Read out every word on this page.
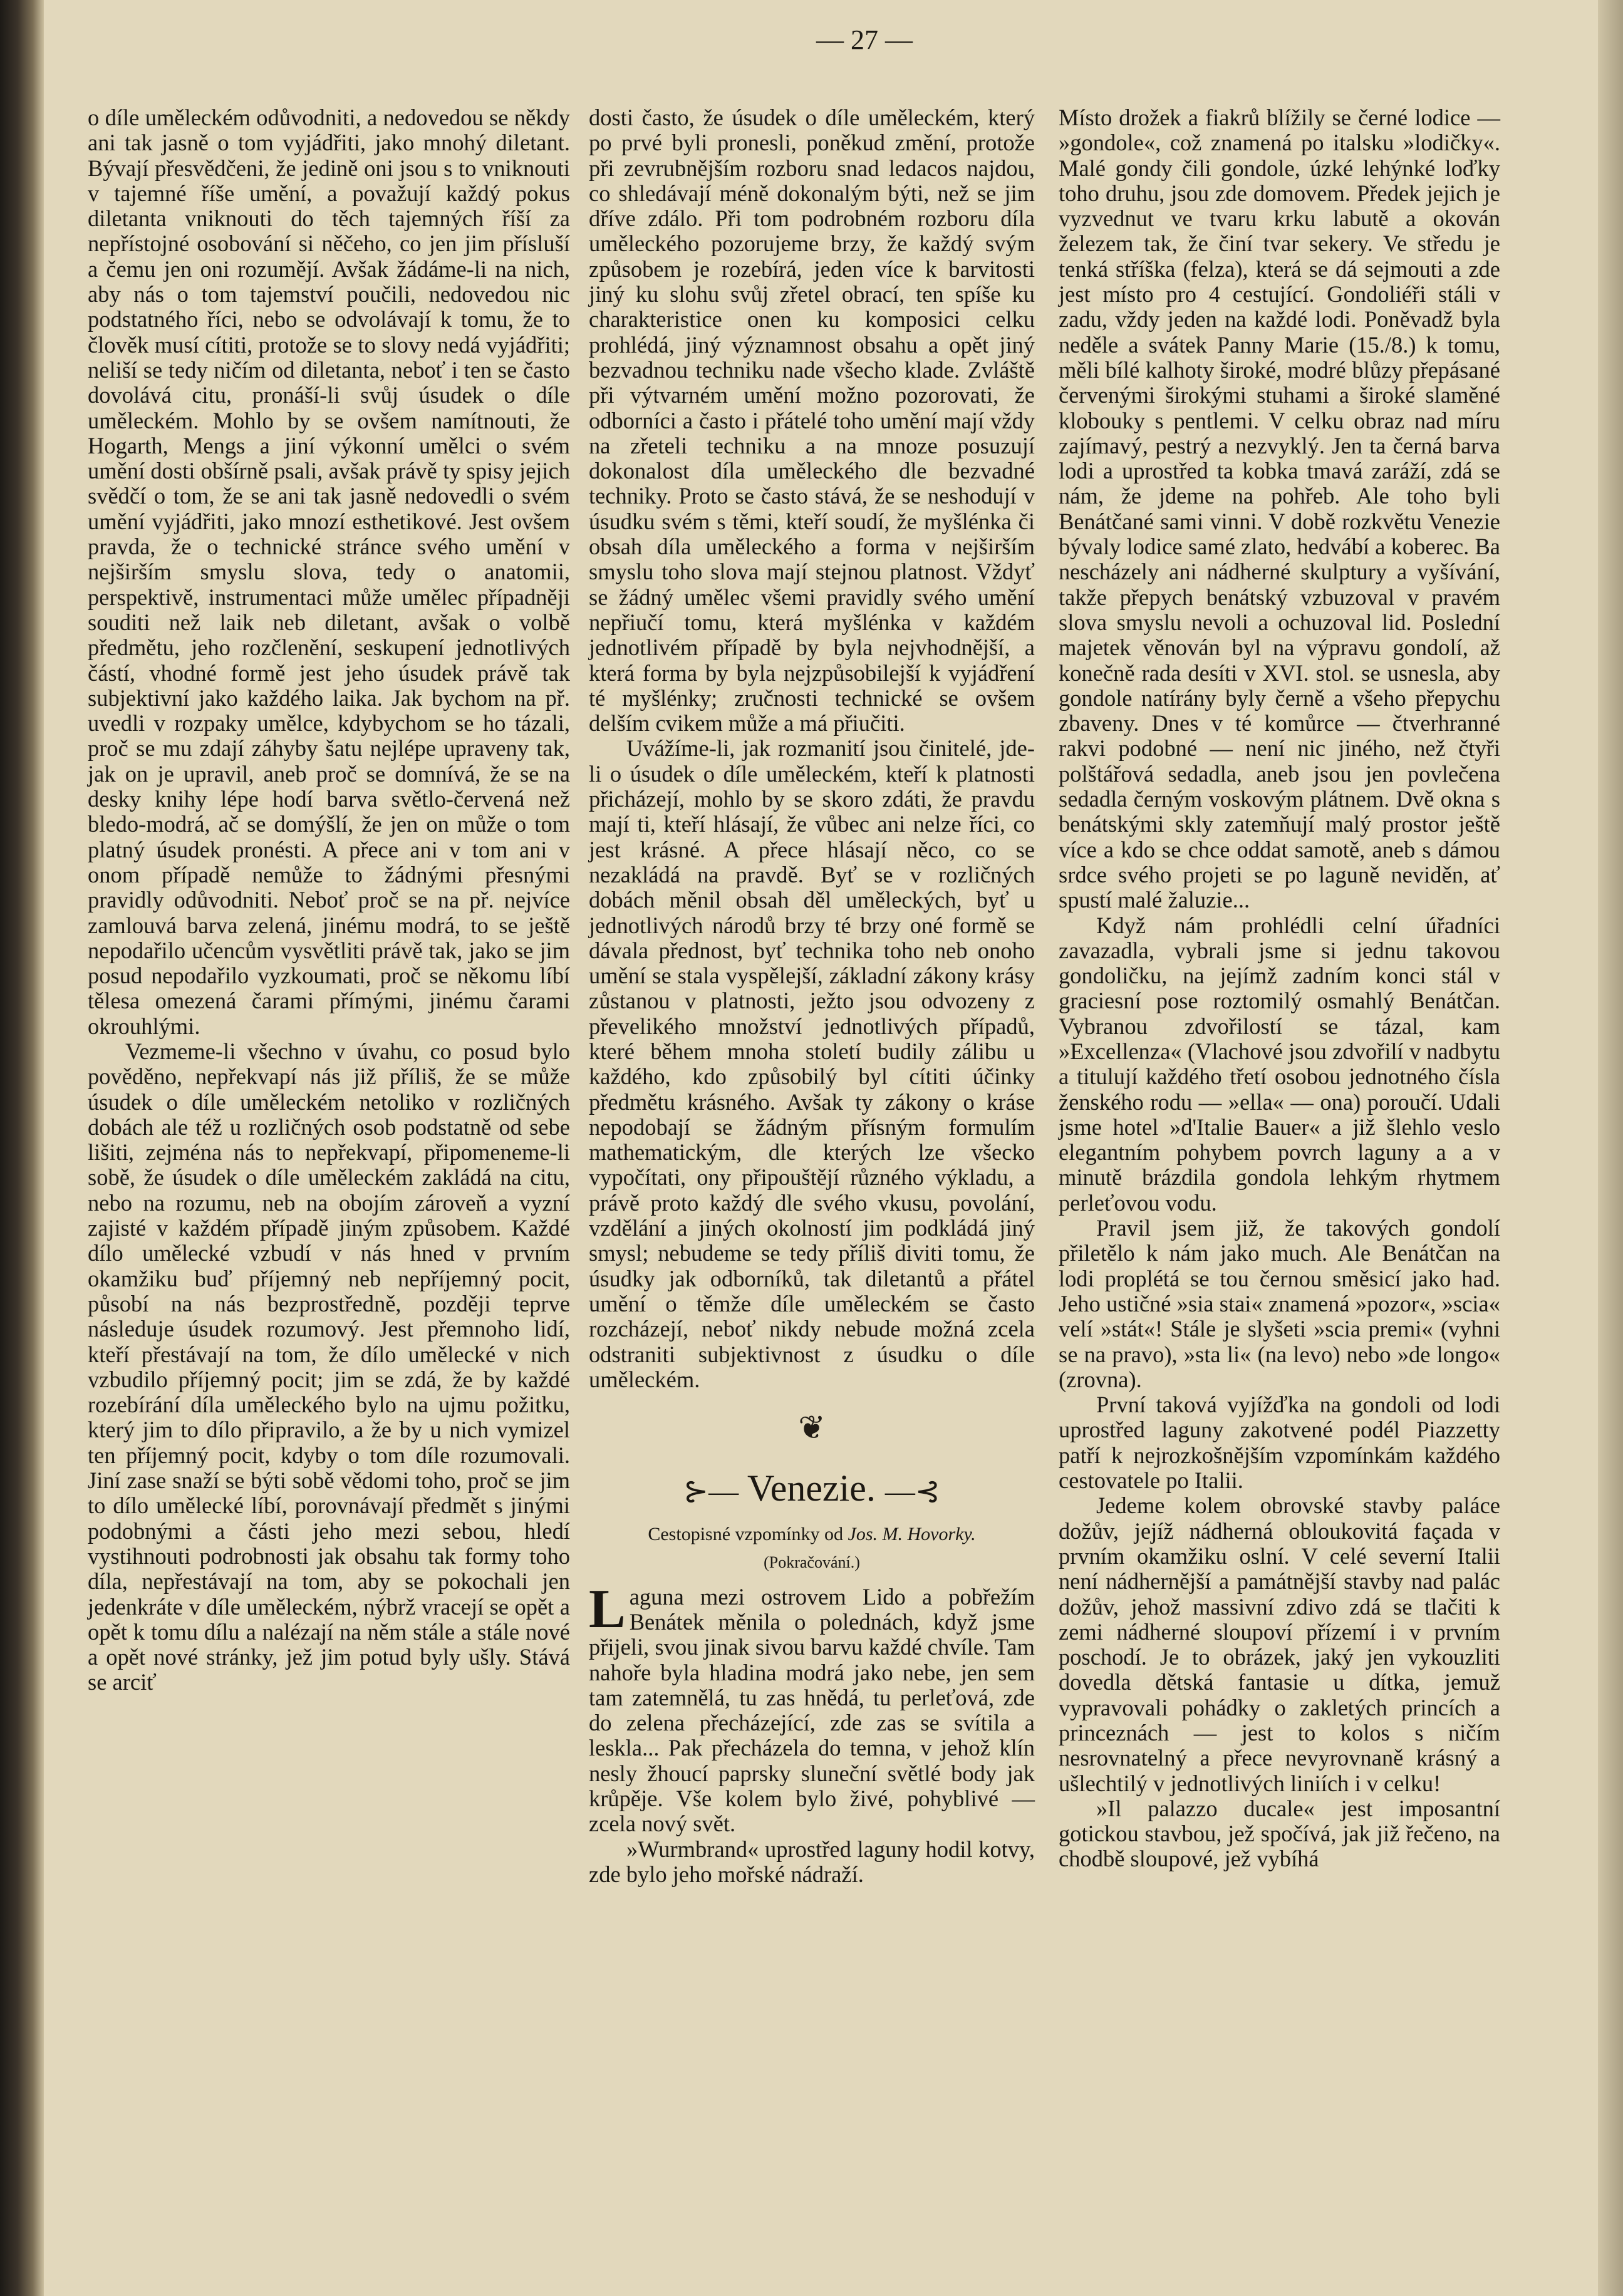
— 27 —

o díle uměleckém odůvodniti, a nedovedou se někdy ani tak jasně o tom vyjádřiti, jako mnohý diletant. Bývají přesvědčeni, že jedině oni jsou s to vniknouti v tajemné říše umění, a považují každý pokus diletanta vniknouti do těch tajemných říší za nepřístojné osobování si něčeho, co jen jim přísluší a čemu jen oni rozumějí. Avšak žádáme-li na nich, aby nás o tom tajemství poučili, nedovedou nic podstatného říci, nebo se odvolávají k tomu, že to člověk musí cítiti, protože se to slovy nedá vyjádřiti; neliší se tedy ničím od diletanta, neboť i ten se často dovolává citu, pronáší-li svůj úsudek o díle uměleckém. Mohlo by se ovšem namítnouti, že Hogarth, Mengs a jiní výkonní umělci o svém umění dosti obšírně psali, avšak právě ty spisy jejich svědčí o tom, že se ani tak jasně nedovedli o svém umění vyjádřiti, jako mnozí esthetikové. Jest ovšem pravda, že o technické stránce svého umění v nejširším smyslu slova, tedy o anatomii, perspektivě, instrumentaci může umělec případněji souditi než laik neb diletant, avšak o volbě předmětu, jeho rozčlenění, seskupení jednotlivých částí, vhodné formě jest jeho úsudek právě tak subjektivní jako každého laika. Jak bychom na př. uvedli v rozpaky umělce, kdybychom se ho tázali, proč se mu zdají záhyby šatu nejlépe upraveny tak, jak on je upravil, aneb proč se domnívá, že se na desky knihy lépe hodí barva světlo-červená než bledo-modrá, ač se domýšlí, že jen on může o tom platný úsudek pronésti. A přece ani v tom ani v onom případě nemůže to žádnými přesnými pravidly odůvodniti. Neboť proč se na př. nejvíce zamlouvá barva zelená, jinému modrá, to se ještě nepodařilo učencům vysvětliti právě tak, jako se jim posud nepodařilo vyzkoumati, proč se někomu líbí tělesa omezená čarami přímými, jinému čarami okrouhlými.

Vezmeme-li všechno v úvahu, co posud bylo pověděno, nepřekvapí nás již příliš, že se může úsudek o díle uměleckém netoliko v rozličných dobách ale též u rozličných osob podstatně od sebe lišiti, zejména nás to nepřekvapí, připomeneme-li sobě, že úsudek o díle uměleckém zakládá na citu, nebo na rozumu, neb na obojím zároveň a vyzní zajisté v každém případě jiným způsobem. Každé dílo umělecké vzbudí v nás hned v prvním okamžiku buď příjemný neb nepříjemný pocit, působí na nás bezprostředně, později teprve následuje úsudek rozumový. Jest přemnoho lidí, kteří přestávají na tom, že dílo umělecké v nich vzbudilo příjemný pocit; jim se zdá, že by každé rozebírání díla uměleckého bylo na ujmu požitku, který jim to dílo připravilo, a že by u nich vymizel ten příjemný pocit, kdyby o tom díle rozumovali. Jiní zase snaží se býti sobě vědomi toho, proč se jim to dílo umělecké líbí, porovnávají předmět s jinými podobnými a části jeho mezi sebou, hledí vystihnouti podrobnosti jak obsahu tak formy toho díla, nepřestávají na tom, aby se pokochali jen jedenkráte v díle uměleckém, nýbrž vracejí se opět a opět k tomu dílu a nalézají na něm stále a stále nové a opět nové stránky, jež jim potud byly ušly. Stává se arciť

dosti často, že úsudek o díle uměleckém, který po prvé byli pronesli, poněkud změní, protože při zevrubnějším rozboru snad ledacos najdou, co shledávají méně dokonalým býti, než se jim dříve zdálo. Při tom podrobném rozboru díla uměleckého pozorujeme brzy, že každý svým způsobem je rozebírá, jeden více k barvitosti jiný ku slohu svůj zřetel obrací, ten spíše ku charakteristice onen ku komposici celku prohlédá, jiný významnost obsahu a opět jiný bezvadnou techniku nade všecho klade. Zvláště při výtvarném umění možno pozorovati, že odborníci a často i přátelé toho umění mají vždy na zřeteli techniku a na mnoze posuzují dokonalost díla uměleckého dle bezvadné techniky. Proto se často stává, že se neshodují v úsudku svém s těmi, kteří soudí, že myšlénka či obsah díla uměleckého a forma v nejširším smyslu toho slova mají stejnou platnost. Vždyť se žádný umělec všemi pravidly svého umění nepřiučí tomu, která myšlénka v každém jednotlivém případě by byla nejvhodnější, a která forma by byla nejzpůsobilejší k vyjádření té myšlénky; zručnosti technické se ovšem delším cvikem může a má přiučiti.

Uvážíme-li, jak rozmanití jsou činitelé, jde-li o úsudek o díle uměleckém, kteří k platnosti přicházejí, mohlo by se skoro zdáti, že pravdu mají ti, kteří hlásají, že vůbec ani nelze říci, co jest krásné. A přece hlásají něco, co se nezakládá na pravdě. Byť se v rozličných dobách měnil obsah děl uměleckých, byť u jednotlivých národů brzy té brzy oné formě se dávala přednost, byť technika toho neb onoho umění se stala vyspělejší, základní zákony krásy zůstanou v platnosti, ježto jsou odvozeny z převelikého množství jednotlivých případů, které během mnoha století budily zálibu u každého, kdo způsobilý byl cítiti účinky předmětu krásného. Avšak ty zákony o kráse nepodobají se žádným přísným formulím mathematickým, dle kterých lze všecko vypočítati, ony připouštějí různého výkladu, a právě proto každý dle svého vkusu, povolání, vzdělání a jiných okolností jim podkládá jiný smysl; nebudeme se tedy příliš diviti tomu, že úsudky jak odborníků, tak diletantů a přátel umění o těmže díle uměleckém se často rozcházejí, neboť nikdy nebude možná zcela odstraniti subjektivnost z úsudku o díle uměleckém.

❦
⊱— Venezie. —⊰
Cestopisné vzpomínky od Jos. M. Hovorky.
(Pokračování.)

Laguna mezi ostrovem Lido a pobřežím Benátek měnila o polednách, když jsme přijeli, svou jinak sivou barvu každé chvíle. Tam nahoře byla hladina modrá jako nebe, jen sem tam zatemnělá, tu zas hnědá, tu perleťová, zde do zelena přecházející, zde zas se svítila a leskla... Pak přecházela do temna, v jehož klín nesly žhoucí paprsky sluneční světlé body jak krůpěje. Vše kolem bylo živé, pohyblivé — zcela nový svět.

»Wurmbrand« uprostřed laguny hodil kotvy, zde bylo jeho mořské nádraží.

Místo drožek a fiakrů blížily se černé lodice — »gondole«, což znamená po italsku »lodičky«. Malé gondy čili gondole, úzké lehýnké loďky toho druhu, jsou zde domovem. Předek jejich je vyzvednut ve tvaru krku labutě a okován železem tak, že činí tvar sekery. Ve středu je tenká stříška (felza), která se dá sejmouti a zde jest místo pro 4 cestující. Gondoliéři stáli v zadu, vždy jeden na každé lodi. Poněvadž byla neděle a svátek Panny Marie (15./8.) k tomu, měli bílé kalhoty široké, modré blůzy přepásané červenými širokými stuhami a široké slaměné klobouky s pentlemi. V celku obraz nad míru zajímavý, pestrý a nezvyklý. Jen ta černá barva lodi a uprostřed ta kobka tmavá zaráží, zdá se nám, že jdeme na pohřeb. Ale toho byli Benátčané sami vinni. V době rozkvětu Venezie bývaly lodice samé zlato, hedvábí a koberec. Ba nescházely ani nádherné skulptury a vyšívání, takže přepych benátský vzbuzoval v pravém slova smyslu nevoli a ochuzoval lid. Poslední majetek věnován byl na výpravu gondolí, až konečně rada desíti v XVI. stol. se usnesla, aby gondole natírány byly černě a všeho přepychu zbaveny. Dnes v té komůrce — čtverhranné rakvi podobné — není nic jiného, než čtyři polštářová sedadla, aneb jsou jen povlečena sedadla černým voskovým plátnem. Dvě okna s benátskými skly zatemňují malý prostor ještě více a kdo se chce oddat samotě, aneb s dámou srdce svého projeti se po laguně neviděn, ať spustí malé žaluzie...

Když nám prohlédli celní úřadníci zavazadla, vybrali jsme si jednu takovou gondoličku, na jejímž zadním konci stál v graciesní pose roztomilý osmahlý Benátčan. Vybranou zdvořilostí se tázal, kam »Excellenza« (Vlachové jsou zdvořilí v nadbytu a titulují každého třetí osobou jednotného čísla ženského rodu — »ella« — ona) poroučí. Udali jsme hotel »d'Italie Bauer« a již šlehlo veslo elegantním pohybem povrch laguny a a v minutě brázdila gondola lehkým rhytmem perleťovou vodu.

Pravil jsem již, že takových gondolí přiletělo k nám jako much. Ale Benátčan na lodi proplétá se tou černou směsicí jako had. Jeho ustičné »sia stai« znamená »pozor«, »scia« velí »stát«! Stále je slyšeti »scia premi« (vyhni se na pravo), »sta li« (na levo) nebo »de longo« (zrovna).

První taková vyjížďka na gondoli od lodi uprostřed laguny zakotvené podél Piazzetty patří k nejrozkošnějším vzpomínkám každého cestovatele po Italii.

Jedeme kolem obrovské stavby paláce dožův, jejíž nádherná obloukovitá façada v prvním okamžiku oslní. V celé severní Italii není nádhernější a památnější stavby nad palác dožův, jehož massivní zdivo zdá se tlačiti k zemi nádherné sloupoví přízemí i v prvním poschodí. Je to obrázek, jaký jen vykouzliti dovedla dětská fantasie u dítka, jemuž vypravovali pohádky o zakletých princích a princeznách — jest to kolos s ničím nesrovnatelný a přece nevyrovnaně krásný a ušlechtilý v jednotlivých liniích i v celku!

»Il palazzo ducale« jest imposantní gotickou stavbou, jež spočívá, jak již řečeno, na chodbě sloupové, jež vybíhá
